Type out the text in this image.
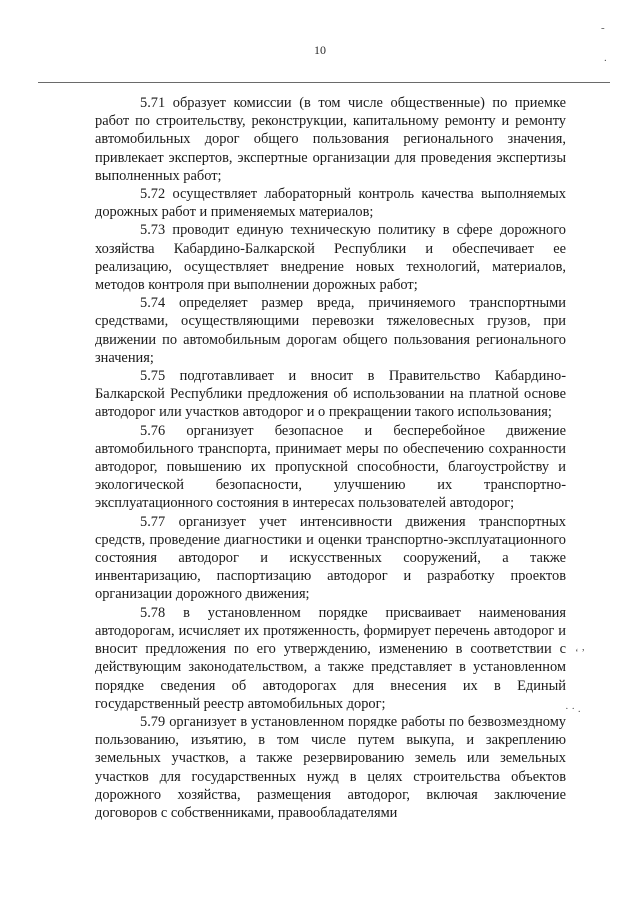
10
-
.
‘ ’
· · .

5.71 образует комиссии (в том числе общественные) по приемке работ по строительству, реконструкции, капитальному ремонту и ремонту автомобильных дорог общего пользования регионального значения, привлекает экспертов, экспертные организации для проведения экспертизы выполненных работ;

5.72 осуществляет лабораторный контроль качества выполняемых дорожных работ и применяемых материалов;

5.73 проводит единую техническую политику в сфере дорожного хозяйства Кабардино-Балкарской Республики и обеспечивает ее реализацию, осуществляет внедрение новых технологий, материалов, методов контроля при выполнении дорожных работ;

5.74 определяет размер вреда, причиняемого транспортными средствами, осуществляющими перевозки тяжеловесных грузов, при движении по автомобильным дорогам общего пользования регионального значения;

5.75 подготавливает и вносит в Правительство Кабардино-Балкарской Республики предложения об использовании на платной основе автодорог или участков автодорог и о прекращении такого использования;

5.76 организует безопасное и бесперебойное движение автомобильного транспорта, принимает меры по обеспечению сохранности автодорог, повышению их пропускной способности, благоустройству и экологической безопасности, улучшению их транспортно-эксплуатационного состояния в интересах пользователей автодорог;

5.77 организует учет интенсивности движения транспортных средств, проведение диагностики и оценки транспортно-эксплуатационного состояния автодорог и искусственных сооружений, а также инвентаризацию, паспортизацию автодорог и разработку проектов организации дорожного движения;

5.78 в установленном порядке присваивает наименования автодорогам, исчисляет их протяженность, формирует перечень автодорог и вносит предложения по его утверждению, изменению в соответствии с действующим законодательством, а также представляет в установленном порядке сведения об автодорогах для внесения их в Единый государственный реестр автомобильных дорог;

5.79 организует в установленном порядке работы по безвозмездному пользованию, изъятию, в том числе путем выкупа, и закреплению земельных участков, а также резервированию земель или земельных участков для государственных нужд в целях строительства объектов дорожного хозяйства, размещения автодорог, включая заключение договоров с собственниками, правообладателями
